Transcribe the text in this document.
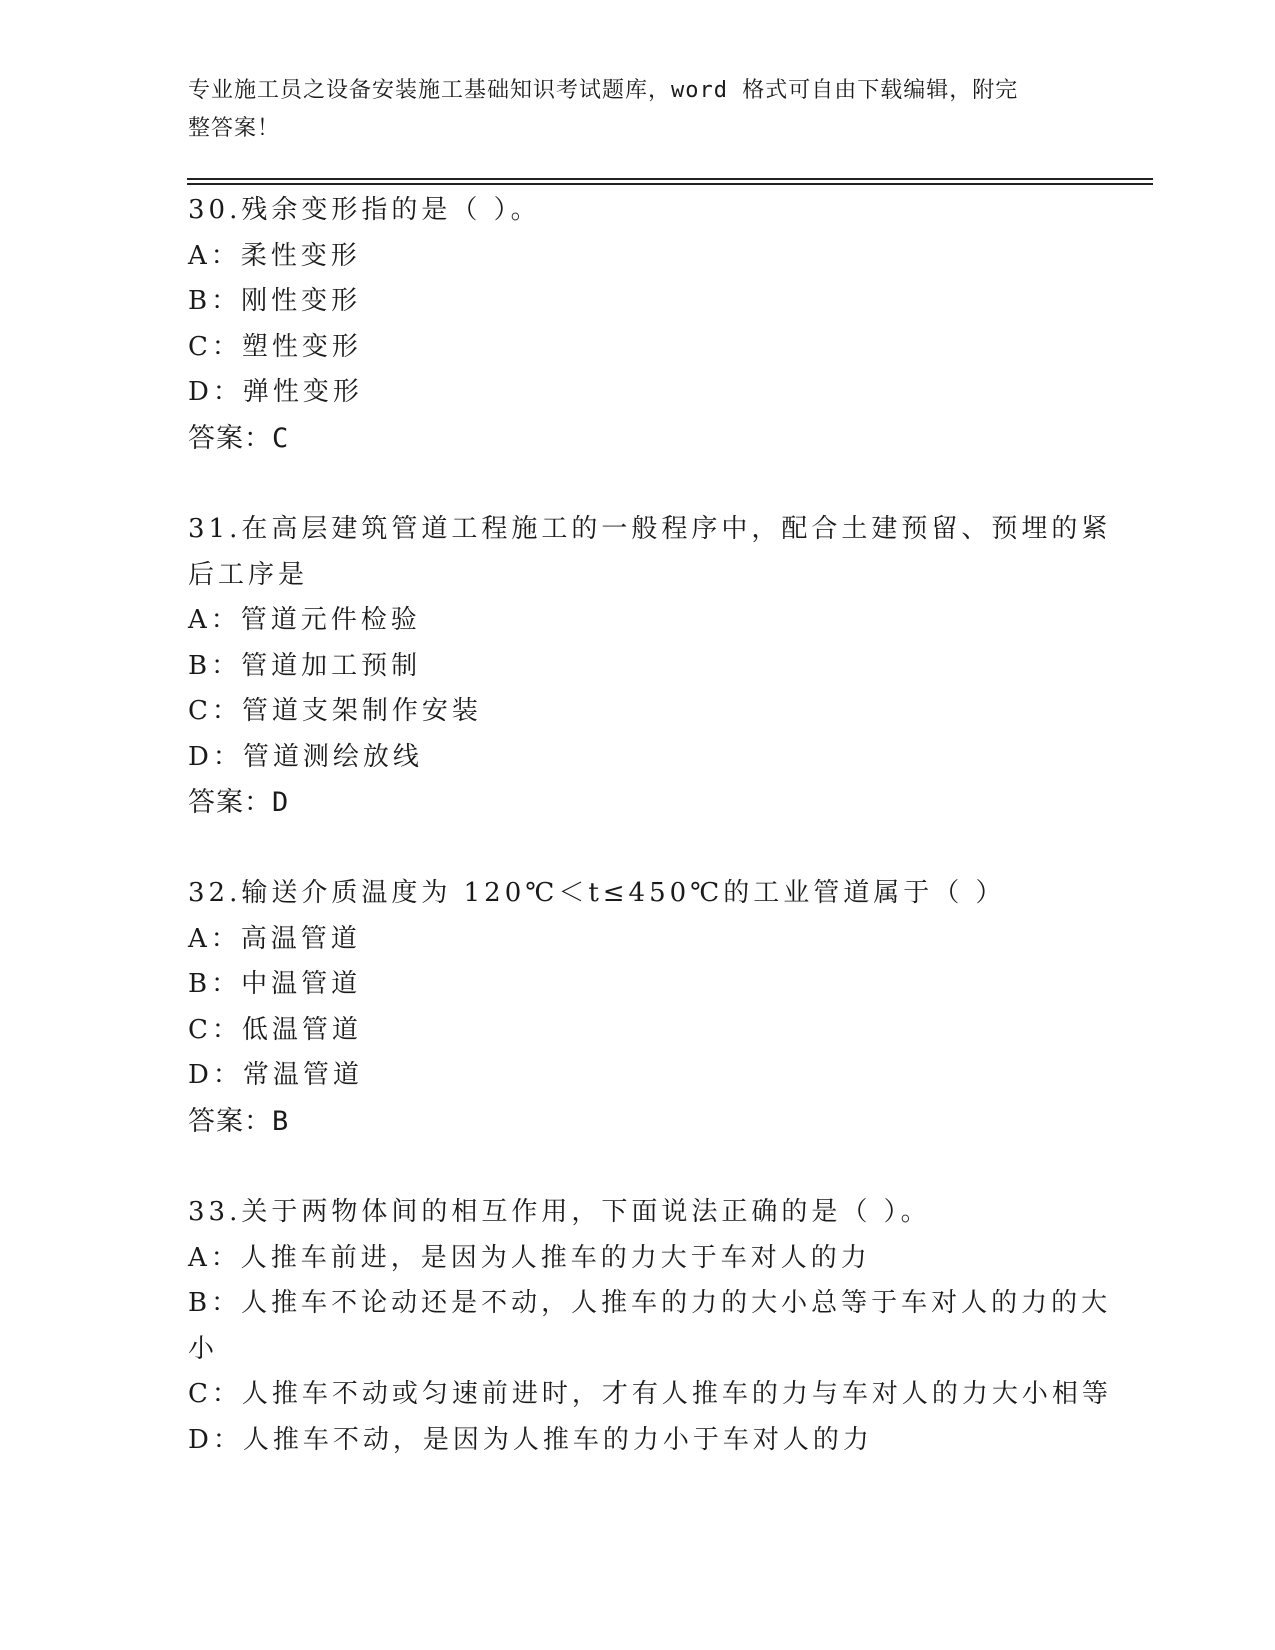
专业施工员之设备安装施工基础知识考试题库，word 格式可自由下载编辑，附完
整答案！
30.残余变形指的是（ ）。
A：柔性变形
B：刚性变形
C：塑性变形
D：弹性变形
答案：C
31.在高层建筑管道工程施工的一般程序中，配合土建预留、预埋的紧
后工序是
A：管道元件检验
B：管道加工预制
C：管道支架制作安装
D：管道测绘放线
答案：D
32.输送介质温度为 120℃＜t≤450℃的工业管道属于（ ）
A：高温管道
B：中温管道
C：低温管道
D：常温管道
答案：B
33.关于两物体间的相互作用，下面说法正确的是（ ）。
A：人推车前进，是因为人推车的力大于车对人的力
B：人推车不论动还是不动，人推车的力的大小总等于车对人的力的大
小
C：人推车不动或匀速前进时，才有人推车的力与车对人的力大小相等
D：人推车不动，是因为人推车的力小于车对人的力
